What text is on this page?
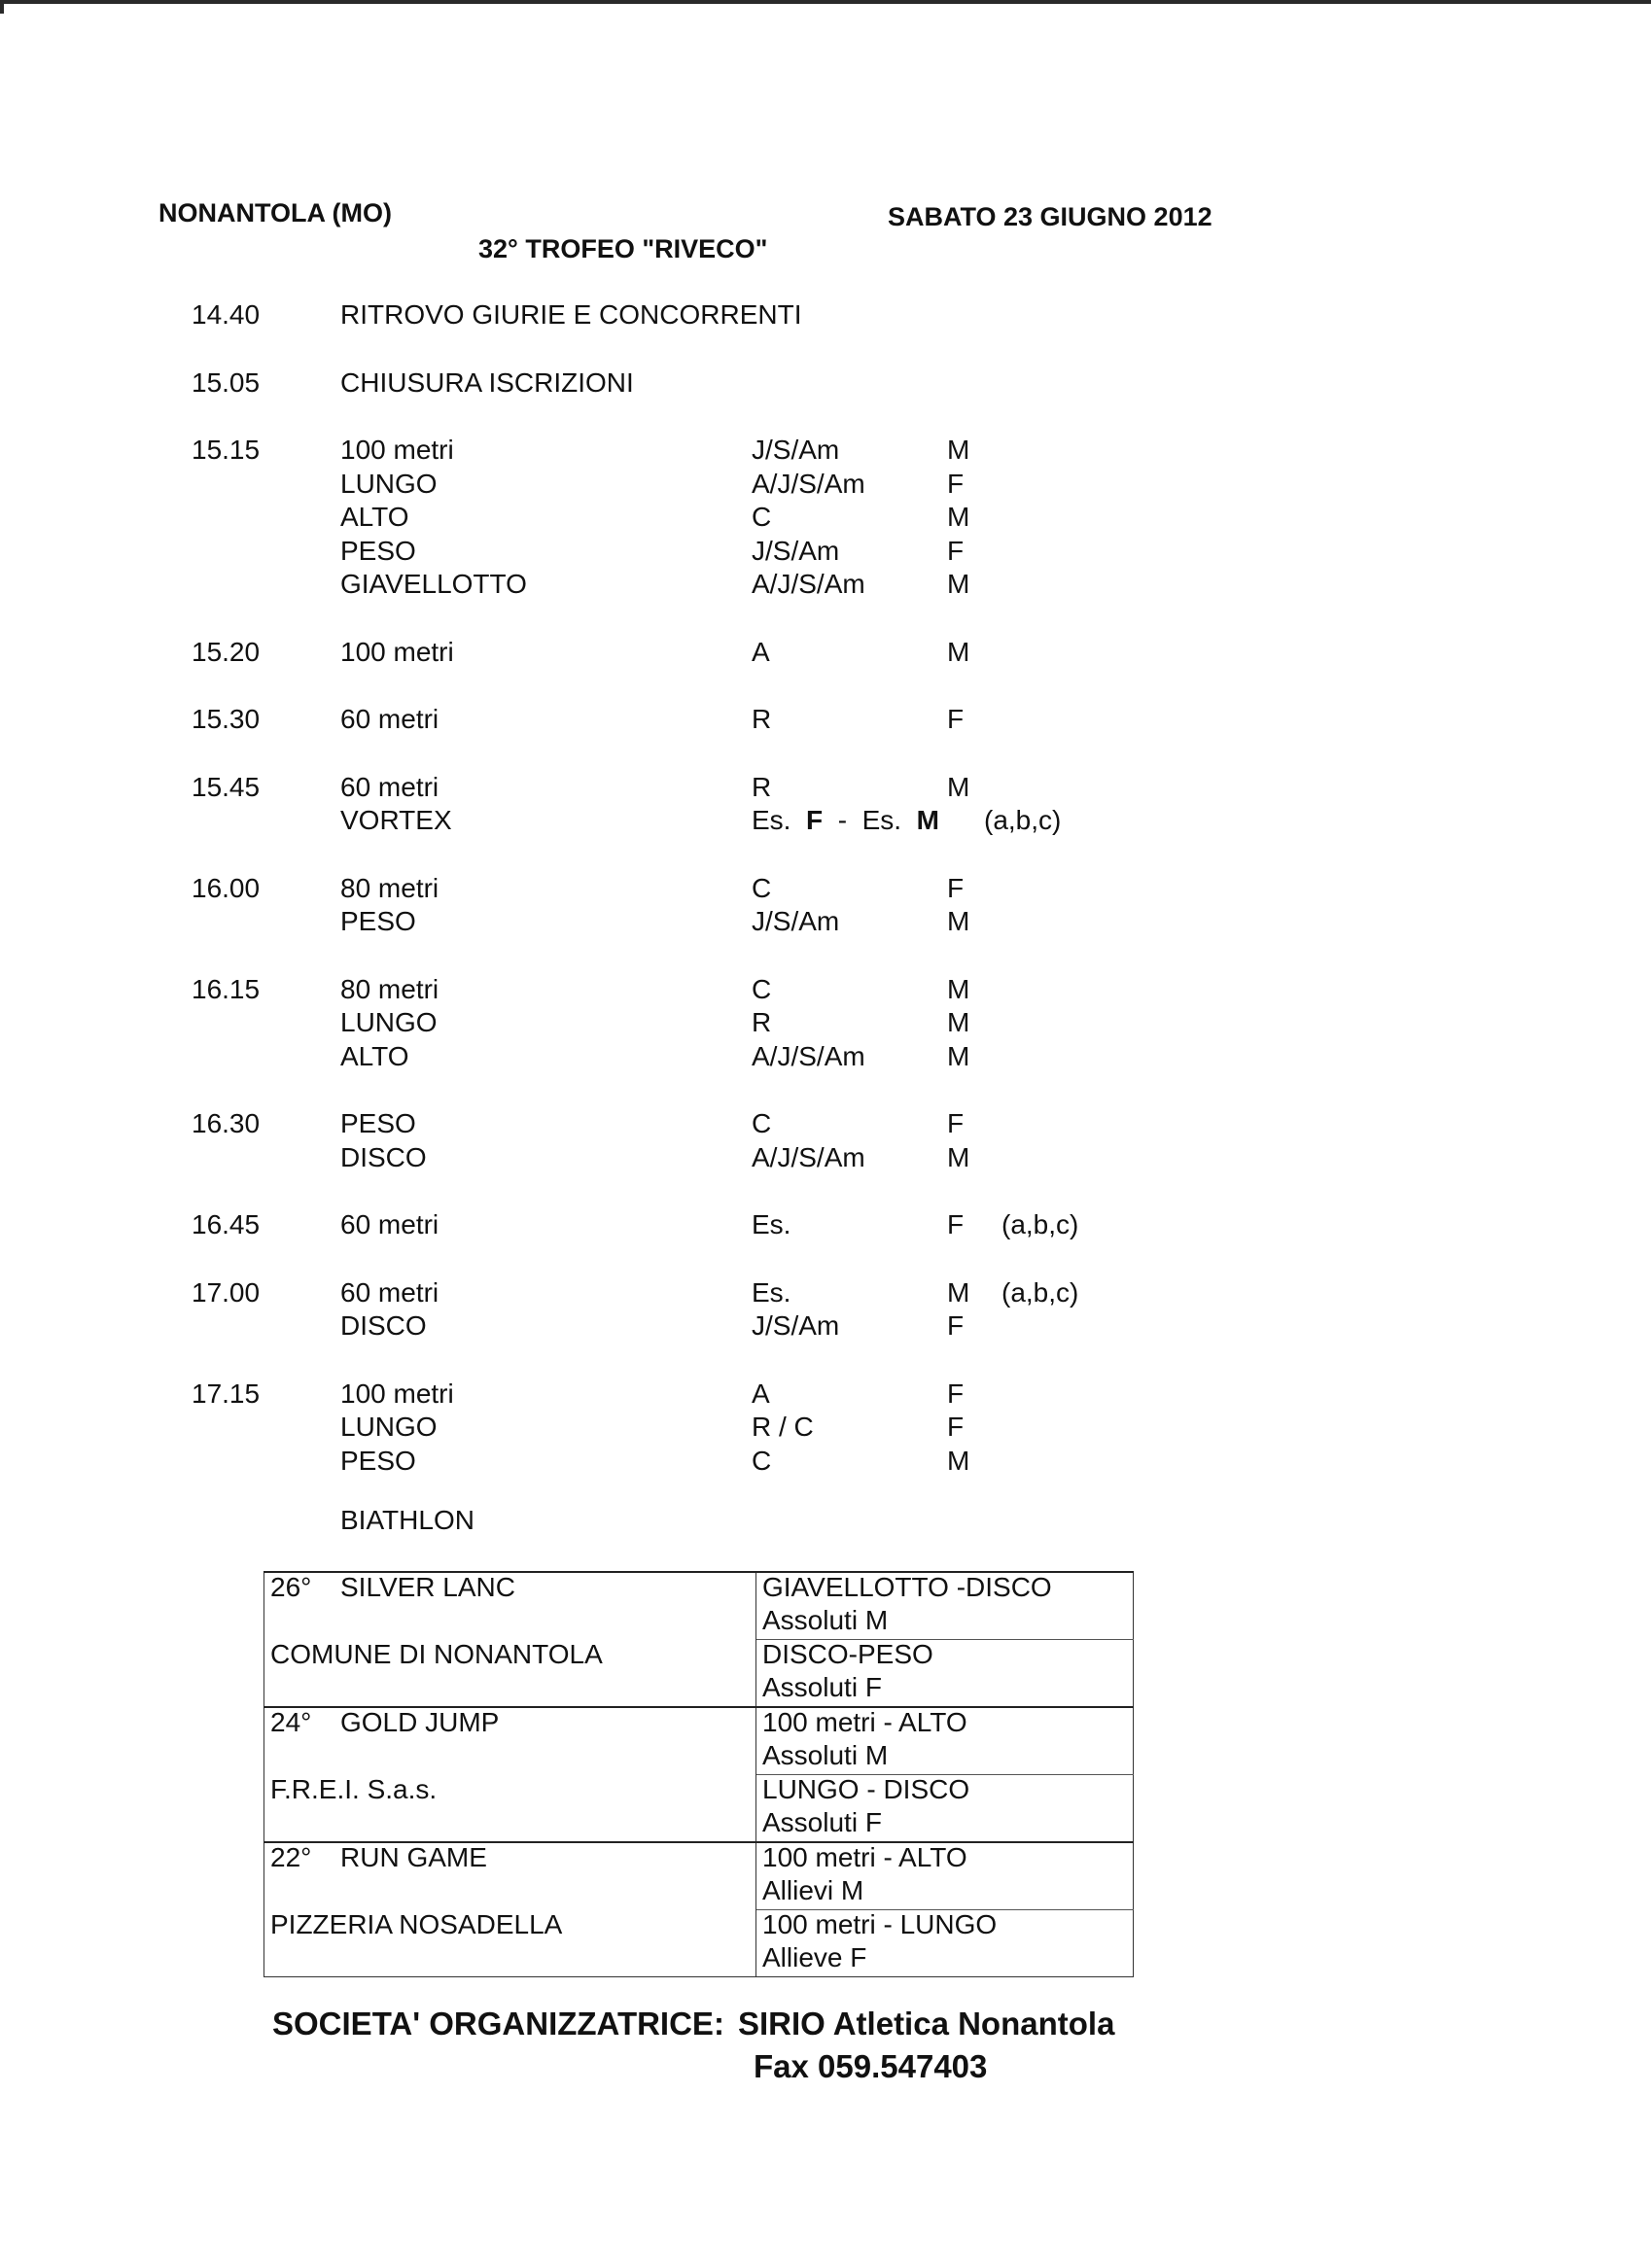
NONANTOLA (MO)	SABATO 23 GIUGNO 2012
32° TROFEO "RIVECO"
14.40	RITROVO GIURIE E CONCORRENTI
15.05	CHIUSURA ISCRIZIONI
15.15	100 metri	J/S/Am	M
LUNGO	A/J/S/Am	F
ALTO	C	M
PESO	J/S/Am	F
GIAVELLOTTO	A/J/S/Am	M
15.20	100 metri	A	M
15.30	60 metri	R	F
15.45	60 metri	R	M
VORTEX	Es. F - Es. M (a,b,c)
16.00	80 metri	C	F
PESO	J/S/Am	M
16.15	80 metri	C	M
LUNGO	R	M
ALTO	A/J/S/Am	M
16.30	PESO	C	F
DISCO	A/J/S/Am	M
16.45	60 metri	Es.	F (a,b,c)
17.00	60 metri	Es.	M (a,b,c)
DISCO	J/S/Am	F
17.15	100 metri	A	F
LUNGO	R / C	F
PESO	C	M
BIATHLON
26° SILVER LANC	GIAVELLOTTO -DISCO
Assoluti M

COMUNE DI NONANTOLA	DISCO-PESO
Assoluti F

24° GOLD JUMP	100 metri - ALTO
Assoluti M

F.R.E.I. S.a.s.	LUNGO - DISCO
Assoluti F

22° RUN GAME	100 metri - ALTO
Allievi M

PIZZERIA NOSADELLA	100 metri - LUNGO
Allieve F
SOCIETA' ORGANIZZATRICE: SIRIO Atletica Nonantola
Fax 059.547403
